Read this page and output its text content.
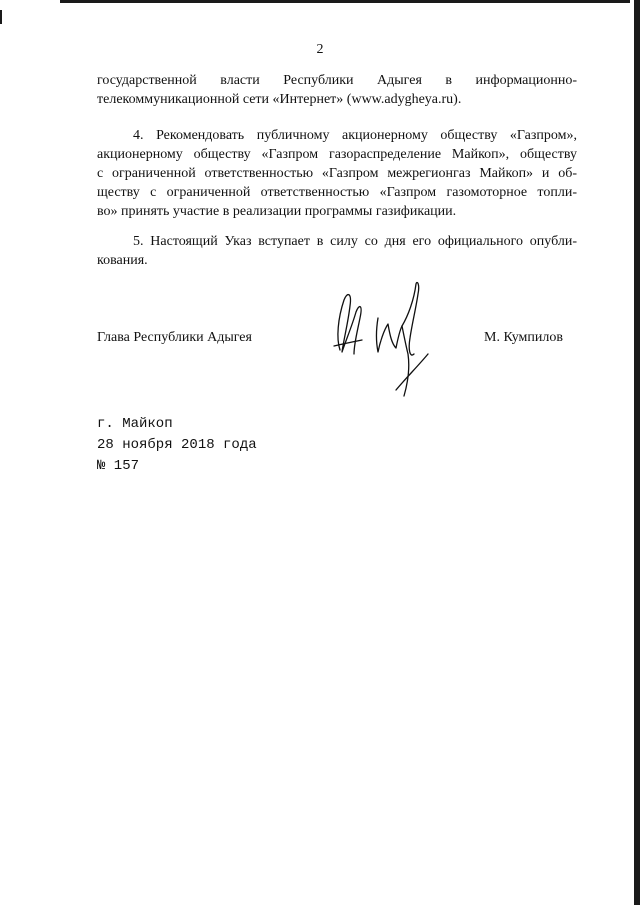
2
государственной власти Республики Адыгея в информационно-
телекоммуникационной сети «Интернет» (www.adygheya.ru).
4. Рекомендовать публичному акционерному обществу «Газпром»,
акционерному обществу «Газпром газораспределение Майкоп», обществу
с ограниченной ответственностью «Газпром межрегионгаз Майкоп» и об-
ществу с ограниченной ответственностью «Газпром газомоторное топли-
во» принять участие в реализации программы газификации.
5. Настоящий Указ вступает в силу со дня его официального опубли-
кования.
Глава Республики Адыгея	М. Кумпилов
г. Майкоп
28 ноября 2018 года
№ 157
